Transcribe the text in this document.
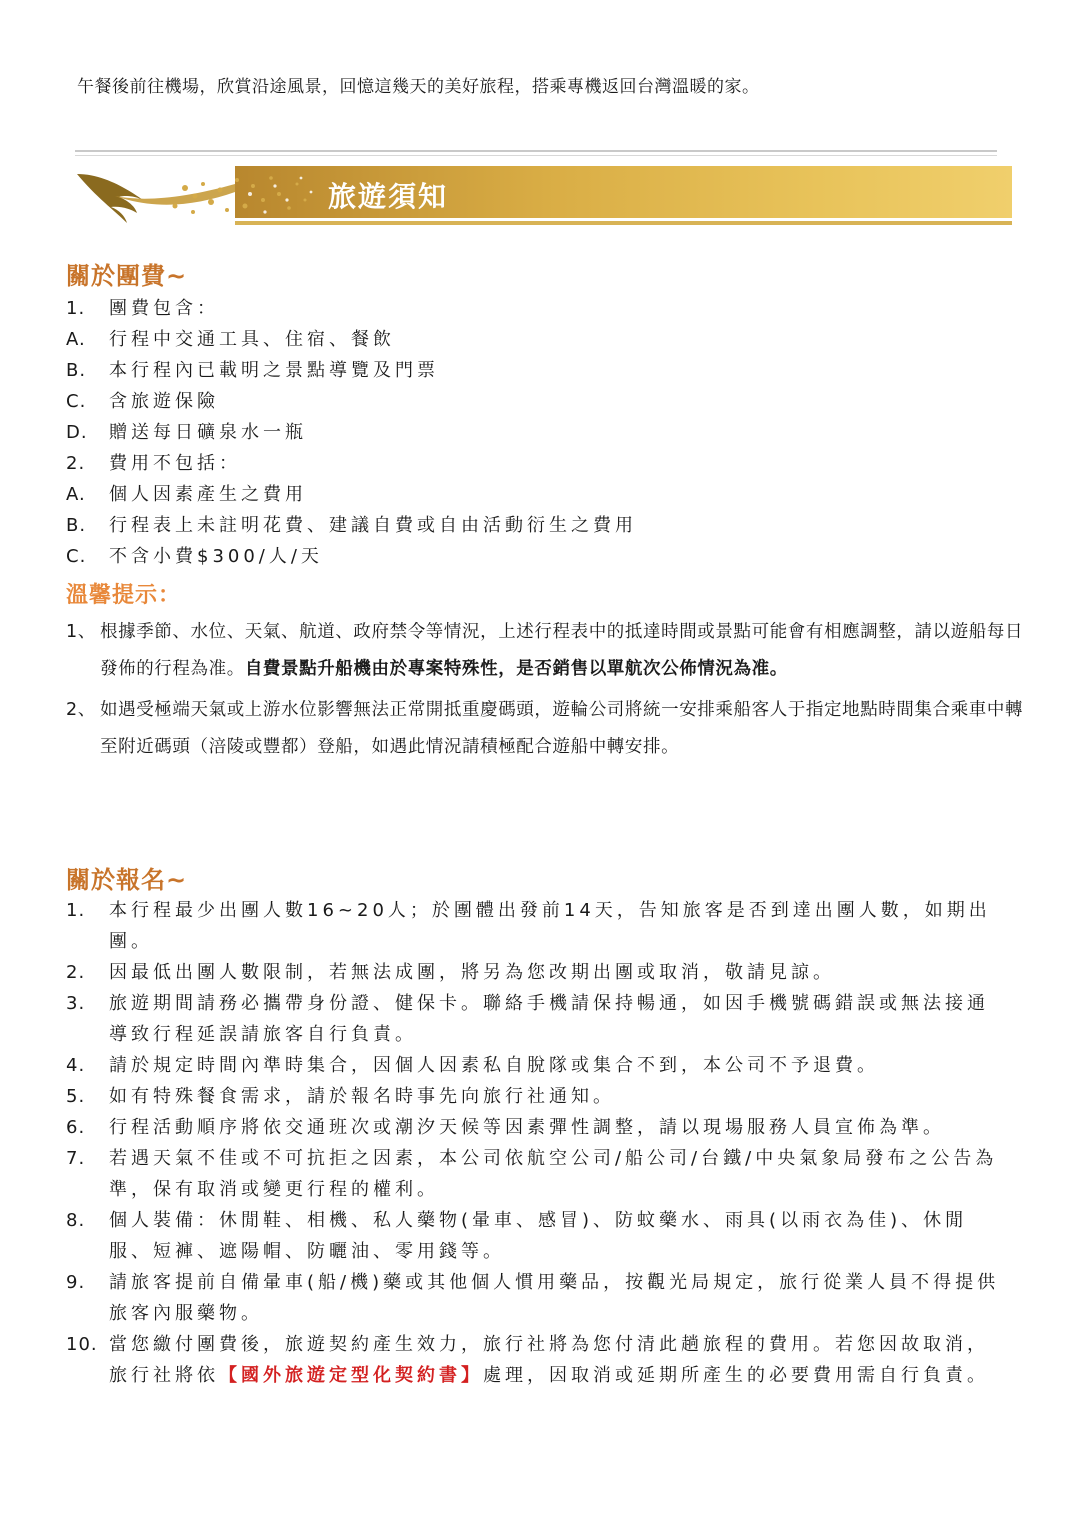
午餐後前往機場，欣賞沿途風景，回憶這幾天的美好旅程，搭乘專機返回台灣溫暖的家。

旅遊須知
關於團費~
1. 團費包含：
A. 行程中交通工具、住宿、餐飲
B. 本行程內已載明之景點導覽及門票
C. 含旅遊保險
D. 贈送每日礦泉水一瓶
2. 費用不包括：
A. 個人因素產生之費用
B. 行程表上未註明花費、建議自費或自由活動衍生之費用
C. 不含小費$300/人/天
溫馨提示：
1、 根據季節、水位、天氣、航道、政府禁令等情況，上述行程表中的抵達時間或景點可能會有相應調整，請以遊船每日發佈的行程為准。自費景點升船機由於專案特殊性，是否銷售以單航次公佈情況為准。
2、 如遇受極端天氣或上游水位影響無法正常開抵重慶碼頭，遊輪公司將統一安排乘船客人于指定地點時間集合乘車中轉至附近碼頭（涪陵或豐都）登船，如遇此情況請積極配合遊船中轉安排。
關於報名~
1. 本行程最少出團人數16~20人；於團體出發前14天，告知旅客是否到達出團人數，如期出團。
2. 因最低出團人數限制，若無法成團，將另為您改期出團或取消，敬請見諒。
3. 旅遊期間請務必攜帶身份證、健保卡。聯絡手機請保持暢通，如因手機號碼錯誤或無法接通導致行程延誤請旅客自行負責。
4. 請於規定時間內準時集合，因個人因素私自脫隊或集合不到，本公司不予退費。
5. 如有特殊餐食需求，請於報名時事先向旅行社通知。
6. 行程活動順序將依交通班次或潮汐天候等因素彈性調整，請以現場服務人員宣佈為準。
7. 若遇天氣不佳或不可抗拒之因素，本公司依航空公司/船公司/台鐵/中央氣象局發布之公告為準，保有取消或變更行程的權利。
8. 個人裝備：休閒鞋、相機、私人藥物(暈車、感冒)、防蚊藥水、雨具(以雨衣為佳)、休閒服、短褲、遮陽帽、防曬油、零用錢等。
9. 請旅客提前自備暈車(船/機)藥或其他個人慣用藥品，按觀光局規定，旅行從業人員不得提供旅客內服藥物。
10. 當您繳付團費後，旅遊契約產生效力，旅行社將為您付清此趟旅程的費用。若您因故取消，旅行社將依【國外旅遊定型化契約書】處理，因取消或延期所產生的必要費用需自行負責。
